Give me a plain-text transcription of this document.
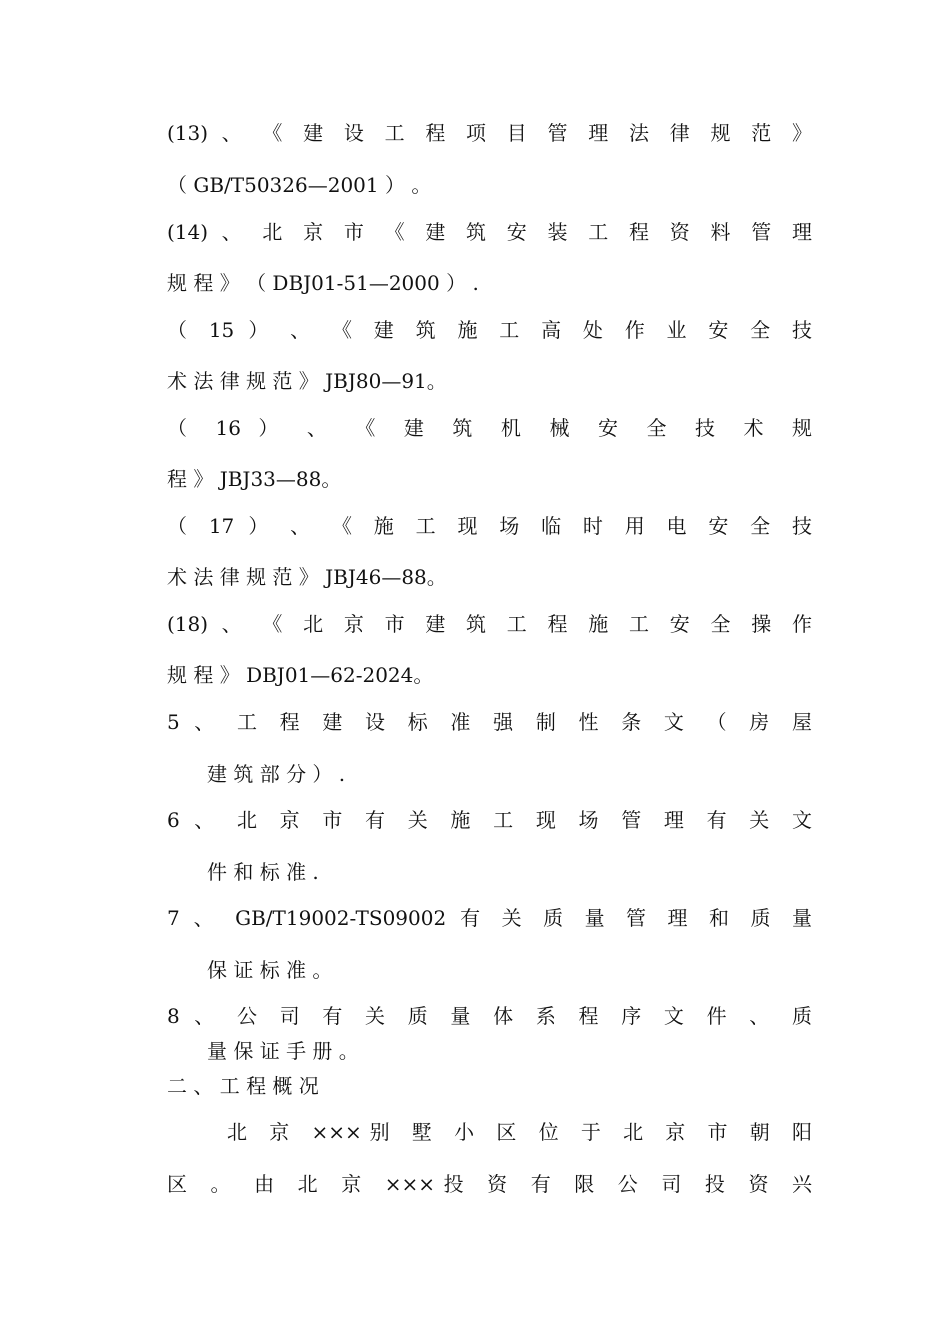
(13) 、 《 建 设 工 程 项 目 管 理 法 律 规 范 》
（ GB/T50326—2001 ） 。
(14) 、 北 京 市 《 建 筑 安 装 工 程 资 料 管 理
规 程 》 （ DBJ01-51—2000 ） .
（ 15 ） 、 《 建 筑 施 工 高 处 作 业 安 全 技
术 法 律 规 范 》 JBJ80—91。
（ 16 ） 、 《 建 筑 机 械 安 全 技 术 规
程 》 JBJ33—88。
（ 17 ） 、 《 施 工 现 场 临 时 用 电 安 全 技
术 法 律 规 范 》 JBJ46—88。
(18) 、 《 北 京 市 建 筑 工 程 施 工 安 全 操 作
规 程 》 DBJ01—62-2024。
5 、 工 程 建 设 标 准 强 制 性 条 文 （ 房 屋
建 筑 部 分 ） .
6 、 北 京 市 有 关 施 工 现 场 管 理 有 关 文
件 和 标 准 .
7 、 GB/T19002-TS09002 有 关 质 量 管 理 和 质 量
保 证 标 准 。
8 、 公 司 有 关 质 量 体 系 程 序 文 件 、 质
量 保 证 手 册 。
二 、 工 程 概 况
北 京 ×××别 墅 小 区 位 于 北 京 市 朝 阳
区 。 由 北 京 ×××投 资 有 限 公 司 投 资 兴
